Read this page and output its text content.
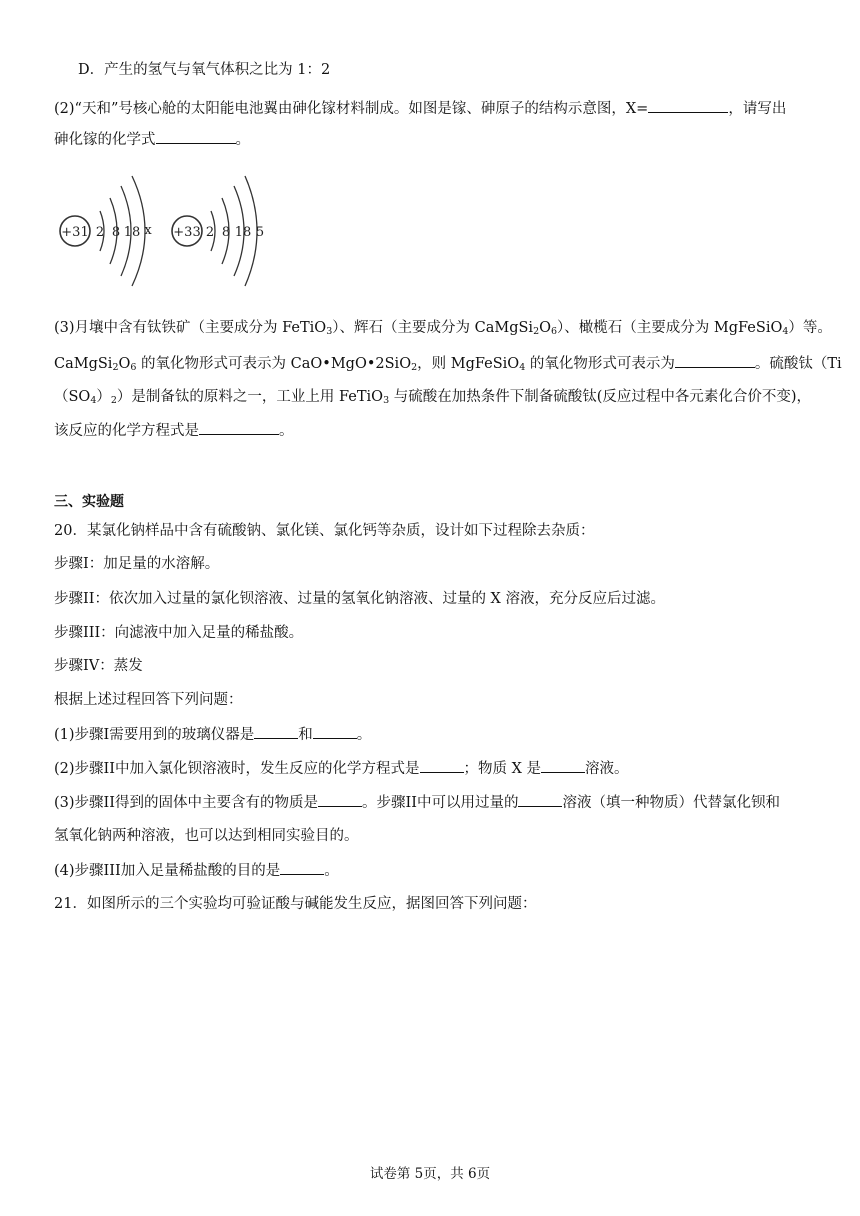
D．产生的氢气与氧气体积之比为 1：2
(2)“天和”号核心舱的太阳能电池翼由砷化镓材料制成。如图是镓、砷原子的结构示意图，X=	，请写出
砷化镓的化学式	。
+31 2 8 18 x +33 2 8 18 5
(3)月壤中含有钛铁矿（主要成分为 FeTiO$_3$）、辉石（主要成分为 $CaMgSi_2O_6$）、橄榄石（主要成分为 MgFeSiO$_4$）等。
$CaMgSi_2O_6$ 的氧化物形式可表示为 CaO•MgO•2SiO$_2$，则 MgFeSiO$_4$ 的氧化物形式可表示为	。硫酸钛（Ti
$(SO_4)_2$）是制备钛的原料之一，工业上用 FeTiO$_3$ 与硫酸在加热条件下制备硫酸钛(反应过程中各元素化合价不变)，
该反应的化学方程式是	。
三、实验题
20．某氯化钠样品中含有硫酸钠、氯化镁、氯化钙等杂质，设计如下过程除去杂质：
步骤I：加足量的水溶解。
步骤II：依次加入过量的氯化钡溶液、过量的氢氧化钠溶液、过量的 X 溶液，充分反应后过滤。
步骤III：向滤液中加入足量的稀盐酸。
步骤IV：蒸发
根据上述过程回答下列问题：
(1)步骤I需要用到的玻璃仪器是	和	。
(2)步骤II中加入氯化钡溶液时，发生反应的化学方程式是	；物质 X 是	溶液。
(3)步骤II得到的固体中主要含有的物质是	。步骤II中可以用过量的	溶液（填一种物质）代替氯化钡和
氢氧化钠两种溶液，也可以达到相同实验目的。
(4)步骤III加入足量稀盐酸的目的是	。
21．如图所示的三个实验均可验证酸与碱能发生反应，据图回答下列问题：
试卷第 5页，共 6页
